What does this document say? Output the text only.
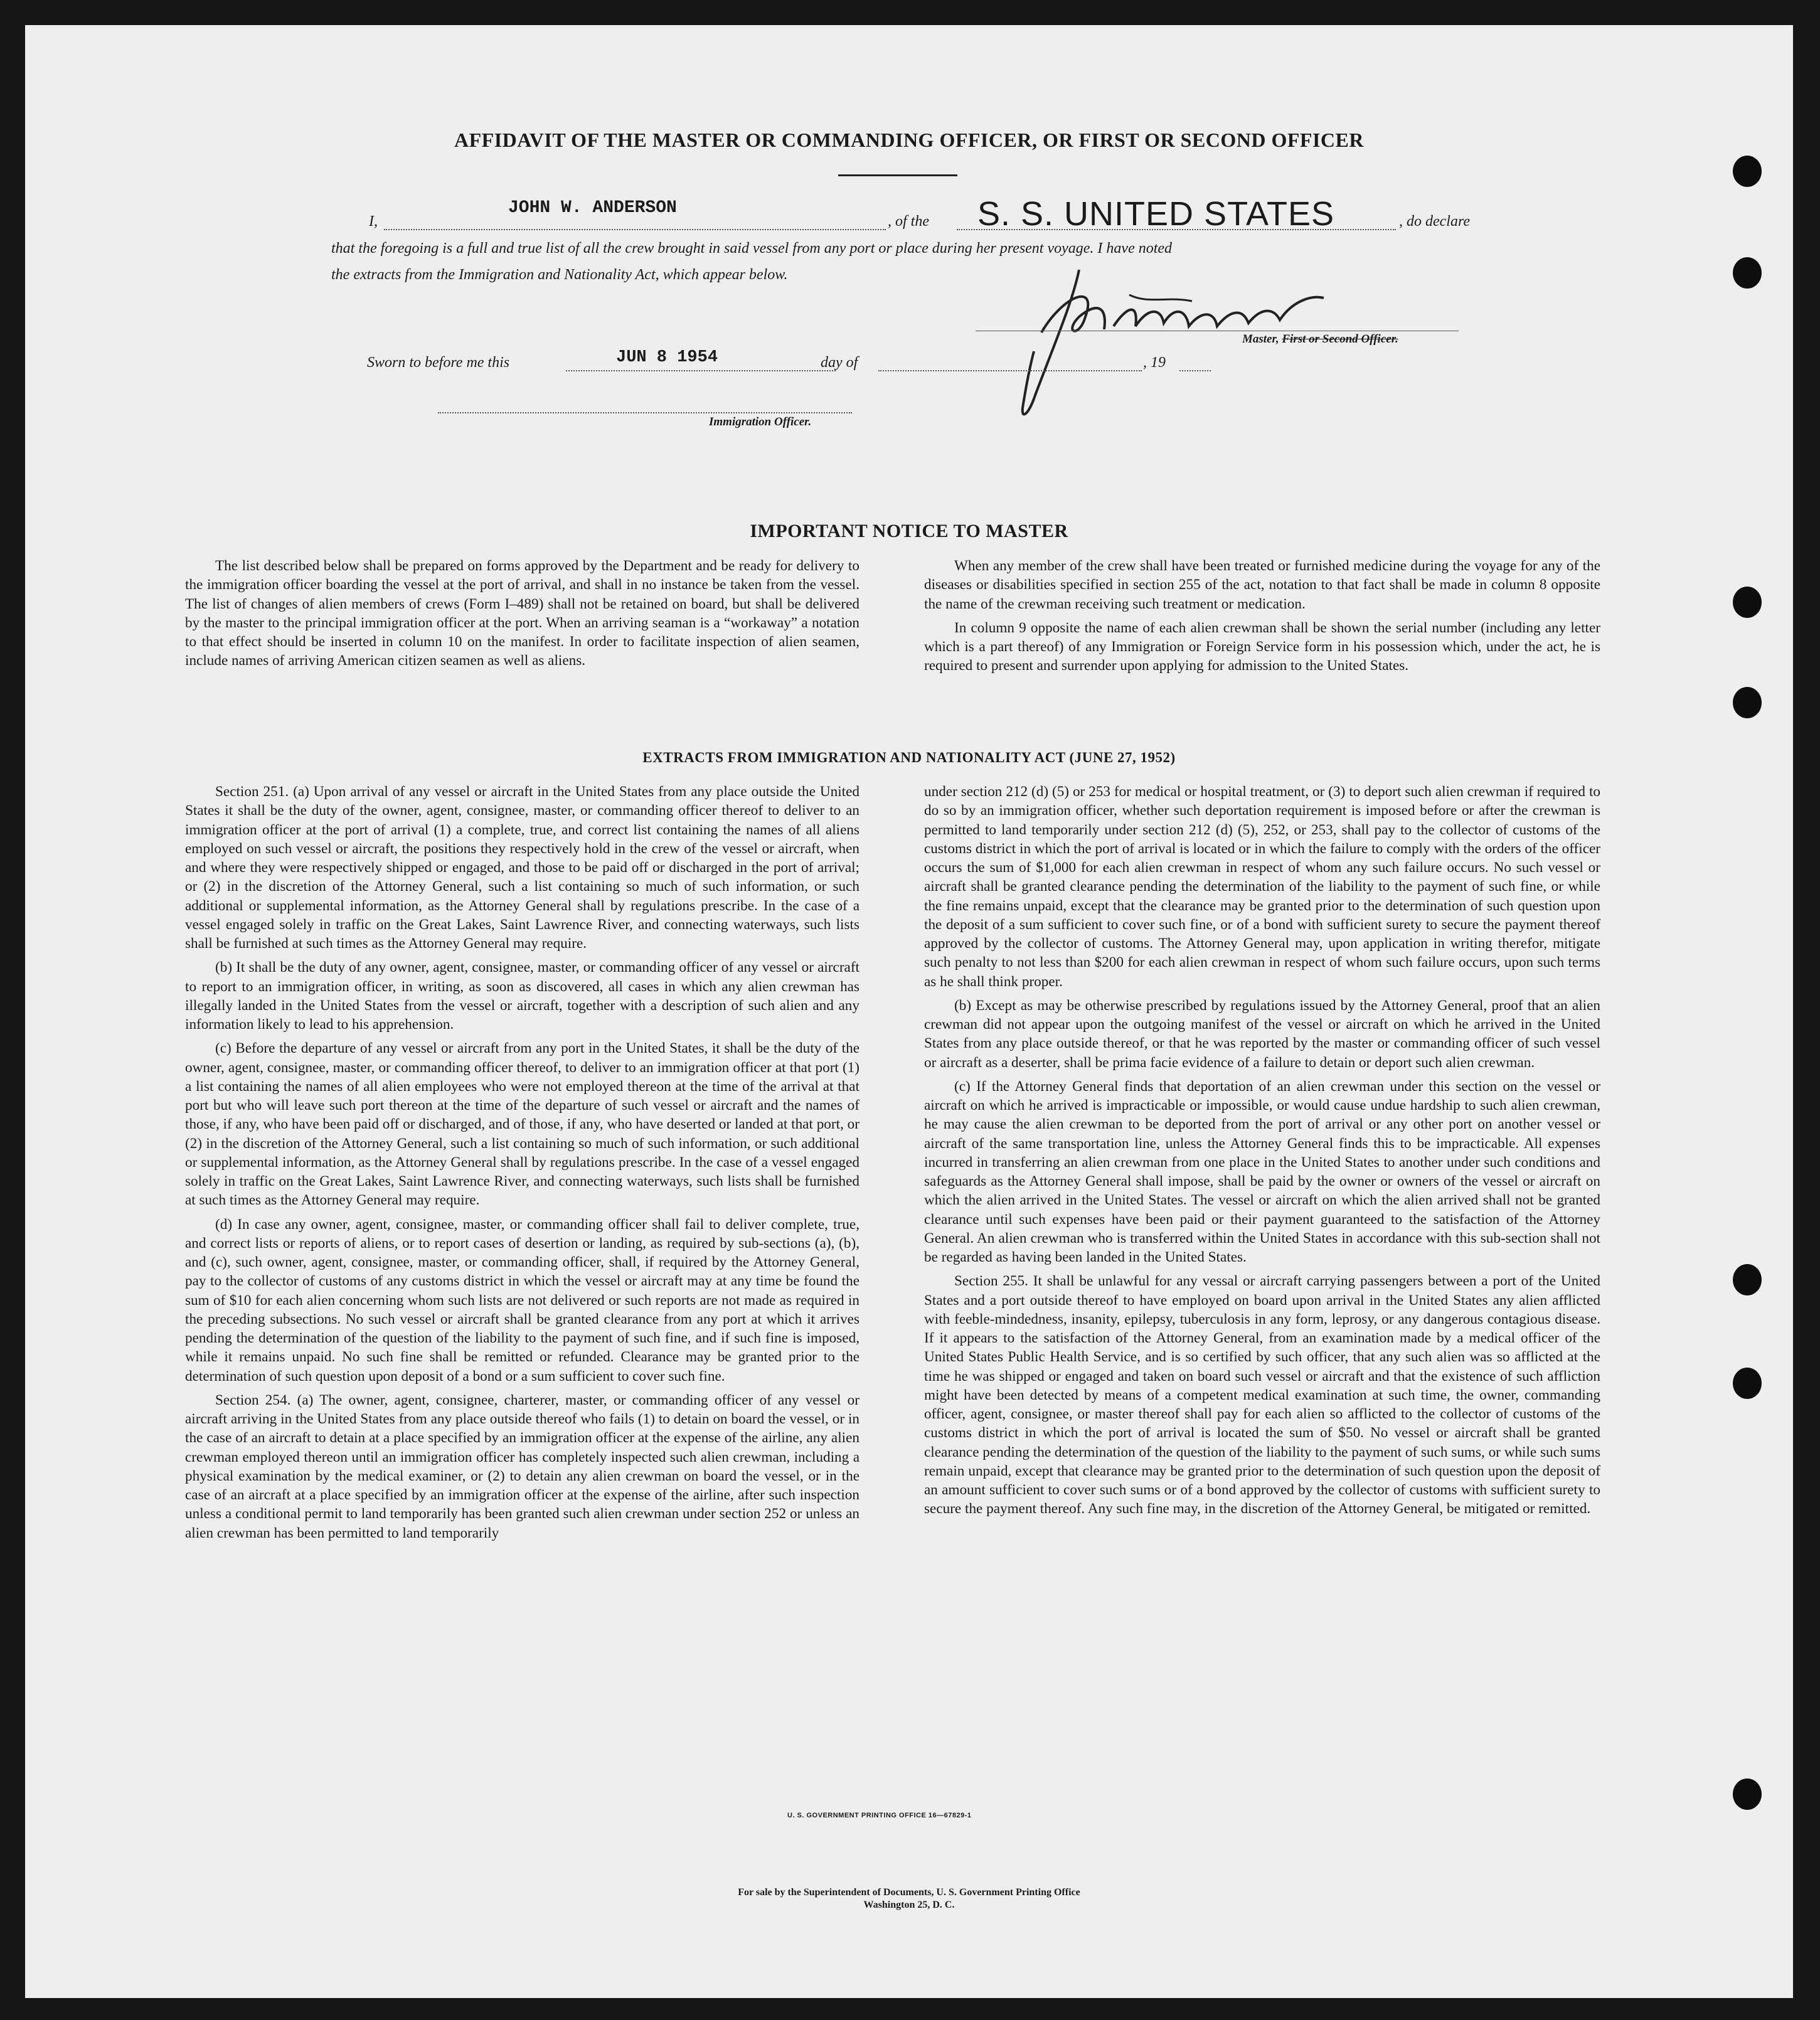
AFFIDAVIT OF THE MASTER OR COMMANDING OFFICER, OR FIRST OR SECOND OFFICER
I,
JOHN W. ANDERSON
, of the S. S. UNITED STATES	, do declare
that the foregoing is a full and true list of all the crew brought in said vessel from any port or place during her present voyage. I have noted
the extracts from the Immigration and Nationality Act, which appear below.
Master, First or Second Officer.
Sworn to before me this	JUN 8 1954	day of	, 19
Immigration Officer.
IMPORTANT NOTICE TO MASTER

The list described below shall be prepared on forms approved by the Department and be ready for delivery to the immigration officer boarding the vessel at the port of arrival, and shall in no instance be taken from the vessel. The list of changes of alien members of crews (Form I–489) shall not be retained on board, but shall be delivered by the master to the principal immigration officer at the port. When an arriving seaman is a “workaway” a notation to that effect should be inserted in column 10 on the manifest. In order to facilitate inspection of alien seamen, include names of arriving American citizen seamen as well as aliens.

When any member of the crew shall have been treated or furnished medicine during the voyage for any of the diseases or disabilities specified in section 255 of the act, notation to that fact shall be made in column 8 opposite the name of the crewman receiving such treatment or medication.

In column 9 opposite the name of each alien crewman shall be shown the serial number (including any letter which is a part thereof) of any Immigration or Foreign Service form in his possession which, under the act, he is required to present and surrender upon applying for admission to the United States.

EXTRACTS FROM IMMIGRATION AND NATIONALITY ACT (JUNE 27, 1952)

Section 251. (a) Upon arrival of any vessel or aircraft in the United States from any place outside the United States it shall be the duty of the owner, agent, consignee, master, or commanding officer thereof to deliver to an immigration officer at the port of arrival (1) a complete, true, and correct list containing the names of all aliens employed on such vessel or aircraft, the positions they respectively hold in the crew of the vessel or aircraft, when and where they were respectively shipped or engaged, and those to be paid off or discharged in the port of arrival; or (2) in the discretion of the Attorney General, such a list containing so much of such information, or such additional or supplemental information, as the Attorney General shall by regulations prescribe. In the case of a vessel engaged solely in traffic on the Great Lakes, Saint Lawrence River, and connecting waterways, such lists shall be furnished at such times as the Attorney General may require.

(b) It shall be the duty of any owner, agent, consignee, master, or commanding officer of any vessel or aircraft to report to an immigration officer, in writing, as soon as discovered, all cases in which any alien crewman has illegally landed in the United States from the vessel or aircraft, together with a description of such alien and any information likely to lead to his apprehension.

(c) Before the departure of any vessel or aircraft from any port in the United States, it shall be the duty of the owner, agent, consignee, master, or commanding officer thereof, to deliver to an immigration officer at that port (1) a list containing the names of all alien employees who were not employed thereon at the time of the arrival at that port but who will leave such port thereon at the time of the departure of such vessel or aircraft and the names of those, if any, who have been paid off or discharged, and of those, if any, who have deserted or landed at that port, or (2) in the discretion of the Attorney General, such a list containing so much of such information, or such additional or supplemental information, as the Attorney General shall by regulations prescribe. In the case of a vessel engaged solely in traffic on the Great Lakes, Saint Lawrence River, and connecting waterways, such lists shall be furnished at such times as the Attorney General may require.

(d) In case any owner, agent, consignee, master, or commanding officer shall fail to deliver complete, true, and correct lists or reports of aliens, or to report cases of desertion or landing, as required by sub-sections (a), (b), and (c), such owner, agent, consignee, master, or commanding officer, shall, if required by the Attorney General, pay to the collector of customs of any customs district in which the vessel or aircraft may at any time be found the sum of $10 for each alien concerning whom such lists are not delivered or such reports are not made as required in the preceding subsections. No such vessel or aircraft shall be granted clearance from any port at which it arrives pending the determination of the question of the liability to the payment of such fine, and if such fine is imposed, while it remains unpaid. No such fine shall be remitted or refunded. Clearance may be granted prior to the determination of such question upon deposit of a bond or a sum sufficient to cover such fine.

Section 254. (a) The owner, agent, consignee, charterer, master, or commanding officer of any vessel or aircraft arriving in the United States from any place outside thereof who fails (1) to detain on board the vessel, or in the case of an aircraft to detain at a place specified by an immigration officer at the expense of the airline, any alien crewman employed thereon until an immigration officer has completely inspected such alien crewman, including a physical examination by the medical examiner, or (2) to detain any alien crewman on board the vessel, or in the case of an aircraft at a place specified by an immigration officer at the expense of the airline, after such inspection unless a conditional permit to land temporarily has been granted such alien crewman under section 252 or unless an alien crewman has been permitted to land temporarily

under section 212 (d) (5) or 253 for medical or hospital treatment, or (3) to deport such alien crewman if required to do so by an immigration officer, whether such deportation requirement is imposed before or after the crewman is permitted to land temporarily under section 212 (d) (5), 252, or 253, shall pay to the collector of customs of the customs district in which the port of arrival is located or in which the failure to comply with the orders of the officer occurs the sum of $1,000 for each alien crewman in respect of whom any such failure occurs. No such vessel or aircraft shall be granted clearance pending the determination of the liability to the payment of such fine, or while the fine remains unpaid, except that the clearance may be granted prior to the determination of such question upon the deposit of a sum sufficient to cover such fine, or of a bond with sufficient surety to secure the payment thereof approved by the collector of customs. The Attorney General may, upon application in writing therefor, mitigate such penalty to not less than $200 for each alien crewman in respect of whom such failure occurs, upon such terms as he shall think proper.

(b) Except as may be otherwise prescribed by regulations issued by the Attorney General, proof that an alien crewman did not appear upon the outgoing manifest of the vessel or aircraft on which he arrived in the United States from any place outside thereof, or that he was reported by the master or commanding officer of such vessel or aircraft as a deserter, shall be prima facie evidence of a failure to detain or deport such alien crewman.

(c) If the Attorney General finds that deportation of an alien crewman under this section on the vessel or aircraft on which he arrived is impracticable or impossible, or would cause undue hardship to such alien crewman, he may cause the alien crewman to be deported from the port of arrival or any other port on another vessel or aircraft of the same transportation line, unless the Attorney General finds this to be impracticable. All expenses incurred in transferring an alien crewman from one place in the United States to another under such conditions and safeguards as the Attorney General shall impose, shall be paid by the owner or owners of the vessel or aircraft on which the alien arrived in the United States. The vessel or aircraft on which the alien arrived shall not be granted clearance until such expenses have been paid or their payment guaranteed to the satisfaction of the Attorney General. An alien crewman who is transferred within the United States in accordance with this sub-section shall not be regarded as having been landed in the United States.

Section 255. It shall be unlawful for any vessal or aircraft carrying passengers between a port of the United States and a port outside thereof to have employed on board upon arrival in the United States any alien afflicted with feeble-mindedness, insanity, epilepsy, tuberculosis in any form, leprosy, or any dangerous contagious disease. If it appears to the satisfaction of the Attorney General, from an examination made by a medical officer of the United States Public Health Service, and is so certified by such officer, that any such alien was so afflicted at the time he was shipped or engaged and taken on board such vessel or aircraft and that the existence of such affliction might have been detected by means of a competent medical examination at such time, the owner, commanding officer, agent, consignee, or master thereof shall pay for each alien so afflicted to the collector of customs of the customs district in which the port of arrival is located the sum of $50. No vessel or aircraft shall be granted clearance pending the determination of the question of the liability to the payment of such sums, or while such sums remain unpaid, except that clearance may be granted prior to the determination of such question upon the deposit of an amount sufficient to cover such sums or of a bond approved by the collector of customs with sufficient surety to secure the payment thereof. Any such fine may, in the discretion of the Attorney General, be mitigated or remitted.

U. S. GOVERNMENT PRINTING OFFICE 16—67829-1
For sale by the Superintendent of Documents, U. S. Government Printing Office
Washington 25, D. C.
